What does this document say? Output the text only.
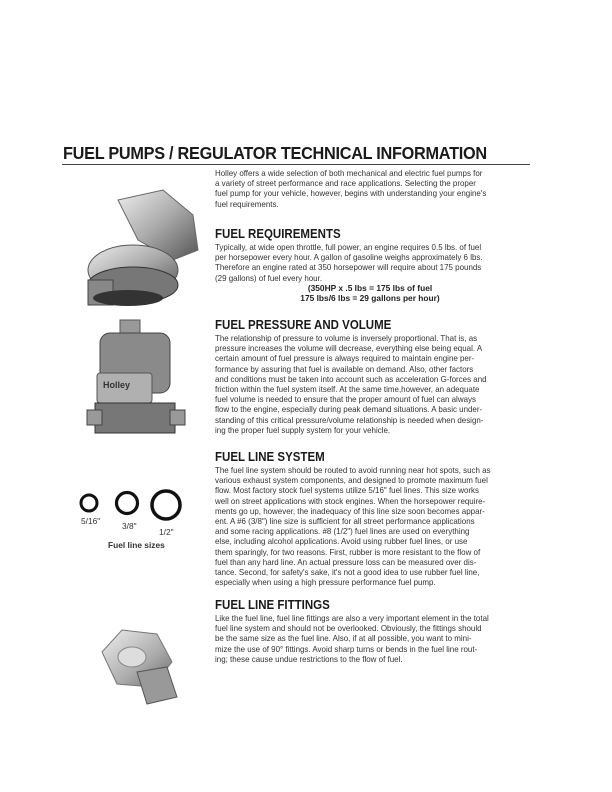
FUEL PUMPS / REGULATOR TECHNICAL INFORMATION
Holley offers a wide selection of both mechanical and electric fuel pumps for
a variety of street performance and race applications. Selecting the proper
fuel pump for your vehicle, however, begins with understanding your engine's
fuel requirements.
FUEL REQUIREMENTS
Typically, at wide open throttle, full power, an engine requires 0.5 lbs. of fuel
per horsepower every hour. A gallon of gasoline weighs approximately 6 lbs.
Therefore an engine rated at 350 horsepower will require about 175 pounds
(29 gallons) of fuel every hour.
(350HP x .5 lbs = 175 lbs of fuel
175 lbs/6 lbs = 29 gallons per hour)
FUEL PRESSURE AND VOLUME
The relationship of pressure to volume is inversely proportional. That is, as
pressure increases the volume will decrease, everything else being equal. A
certain amount of fuel pressure is always required to maintain engine per-
formance by assuring that fuel is available on demand. Also, other factors
and conditions must be taken into account such as acceleration G-forces and
friction within the fuel system itself. At the same time,however, an adequate
fuel volume is needed to ensure that the proper amount of fuel can always
flow to the engine, especially during peak demand situations. A basic under-
standing of this critical pressure/volume relationship is needed when design-
ing the proper fuel supply system for your vehicle.
FUEL LINE SYSTEM
The fuel line system should be routed to avoid running near hot spots, such as
various exhaust system components, and designed to promote maximum fuel
flow. Most factory stock fuel systems utilize 5/16" fuel lines. This size works
well on street applications with stock engines. When the horsepower require-
ments go up, however, the inadequacy of this line size soon becomes appar-
ent. A #6 (3/8") line size is sufficient for all street performance applications
and some racing applications. #8 (1/2") fuel lines are used on everything
else, including alcohol applications. Avoid using rubber fuel lines, or use
them sparingly, for two reasons. First, rubber is more resistant to the flow of
fuel than any hard line. An actual pressure loss can be measured over dis-
tance. Second, for safety's sake, it's not a good idea to use rubber fuel line,
especially when using a high pressure performance fuel pump.
FUEL LINE FITTINGS
Like the fuel line, fuel line fittings are also a very important element in the total
fuel line system and should not be overlooked. Obviously, the fittings should
be the same size as the fuel line. Also, if at all possible, you want to mini-
mize the use of 90° fittings. Avoid sharp turns or bends in the fuel line rout-
ing; these cause undue restrictions to the flow of fuel.
Holley
5/16"	3/8"
1/2"
Fuel line sizes
